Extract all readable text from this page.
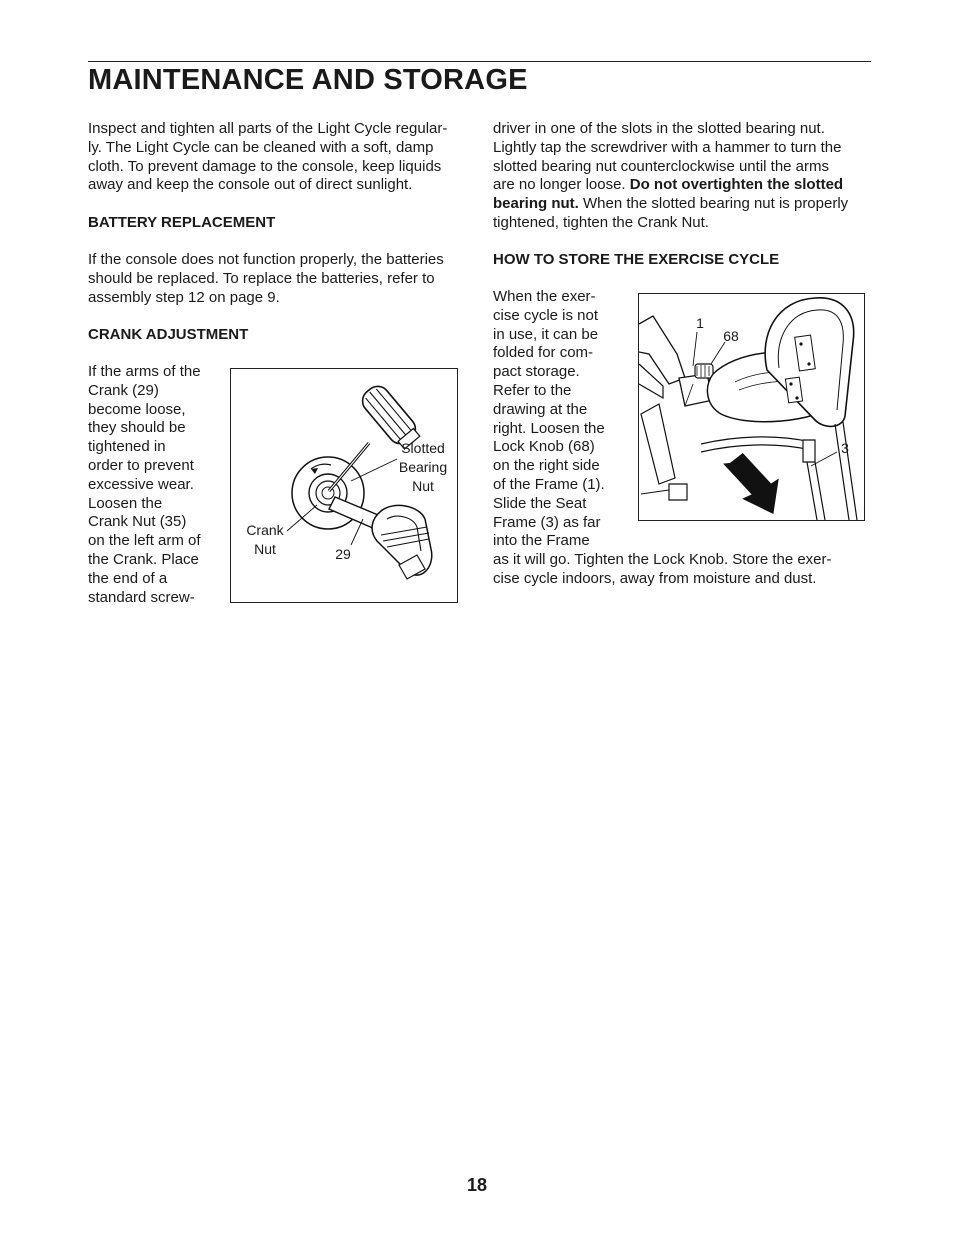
MAINTENANCE AND STORAGE
Inspect and tighten all parts of the Light Cycle regular-
ly. The Light Cycle can be cleaned with a soft, damp
cloth. To prevent damage to the console, keep liquids
away and keep the console out of direct sunlight.
BATTERY REPLACEMENT
If the console does not function properly, the batteries
should be replaced. To replace the batteries, refer to
assembly step 12 on page 9.
CRANK ADJUSTMENT
If the arms of the
Crank (29)
become loose,
they should be
tightened in
order to prevent
excessive wear.
Loosen the
Crank Nut (35)
on the left arm of
the Crank. Place
the end of a
standard screw-
Slotted
Bearing
Nut
Crank
Nut	29
driver in one of the slots in the slotted bearing nut.
Lightly tap the screwdriver with a hammer to turn the
slotted bearing nut counterclockwise until the arms
are no longer loose. Do not overtighten the slotted
bearing nut. When the slotted bearing nut is properly
tightened, tighten the Crank Nut.
HOW TO STORE THE EXERCISE CYCLE
When the exer-
cise cycle is not
in use, it can be
folded for com-
pact storage.
Refer to the
drawing at the
right. Loosen the
Lock Knob (68)
on the right side
of the Frame (1).
Slide the Seat
Frame (3) as far
into the Frame
as it will go. Tighten the Lock Knob. Store the exer-
cise cycle indoors, away from moisture and dust.
1
68
3
18
